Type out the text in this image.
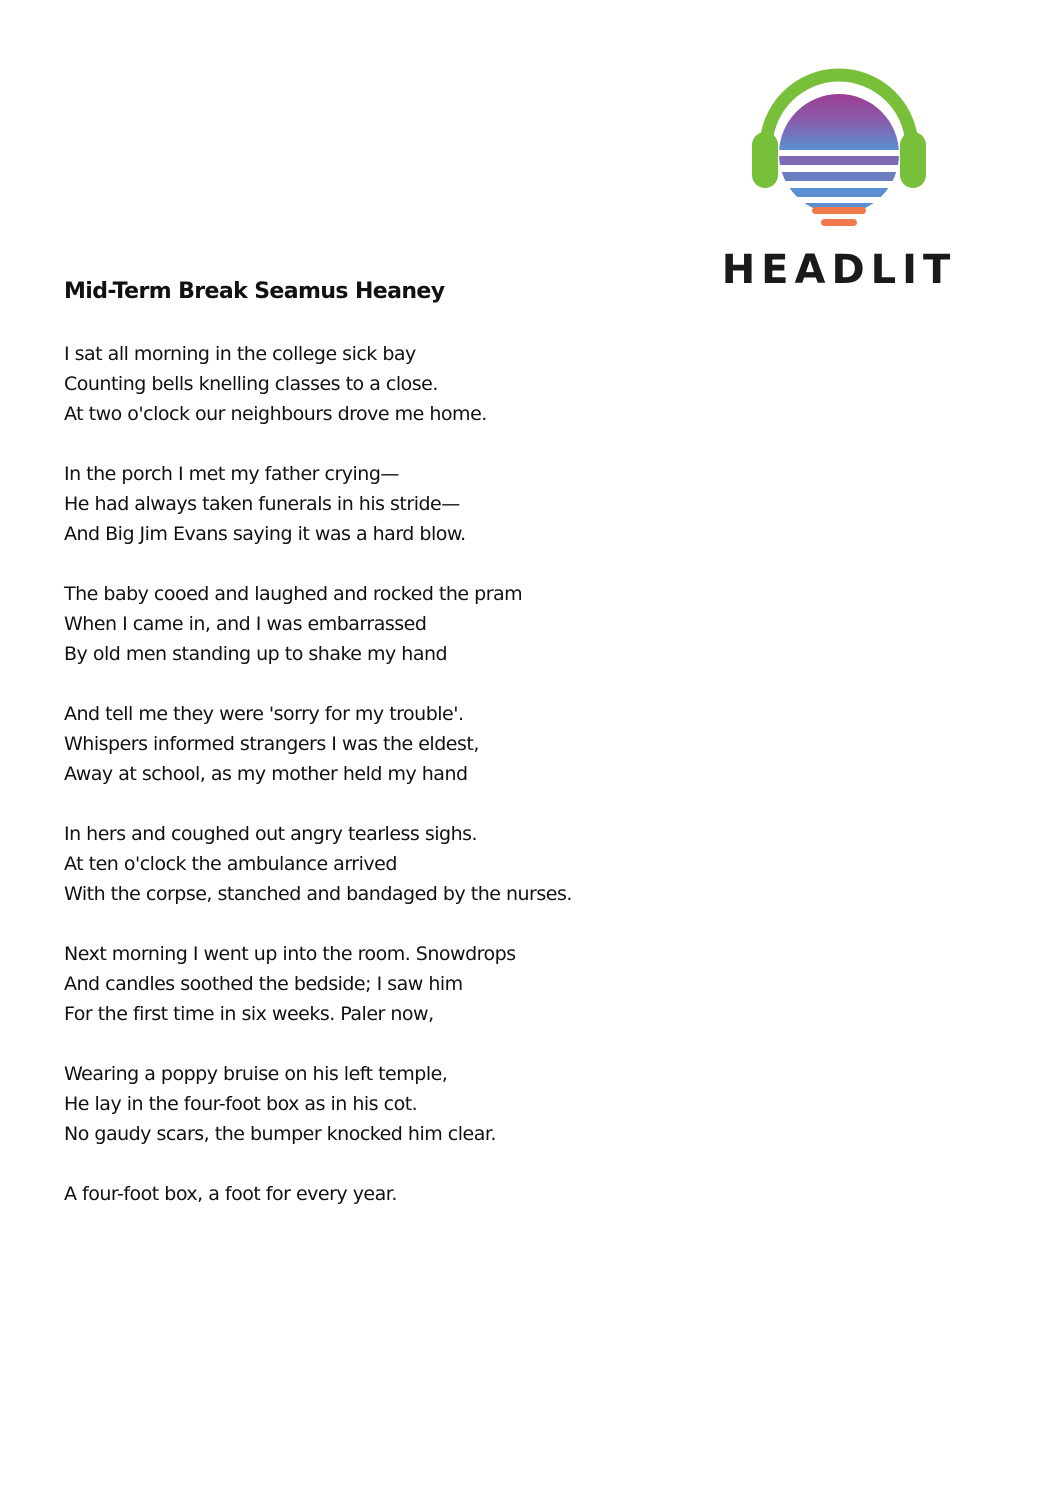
HEADLIT
Mid-Term Break Seamus Heaney
I sat all morning in the college sick bay
Counting bells knelling classes to a close.
At two o'clock our neighbours drove me home.
In the porch I met my father crying—
He had always taken funerals in his stride—
And Big Jim Evans saying it was a hard blow.
The baby cooed and laughed and rocked the pram
When I came in, and I was embarrassed
By old men standing up to shake my hand
And tell me they were 'sorry for my trouble'.
Whispers informed strangers I was the eldest,
Away at school, as my mother held my hand
In hers and coughed out angry tearless sighs.
At ten o'clock the ambulance arrived
With the corpse, stanched and bandaged by the nurses.
Next morning I went up into the room. Snowdrops
And candles soothed the bedside; I saw him
For the first time in six weeks. Paler now,
Wearing a poppy bruise on his left temple,
He lay in the four-foot box as in his cot.
No gaudy scars, the bumper knocked him clear.
A four-foot box, a foot for every year.
